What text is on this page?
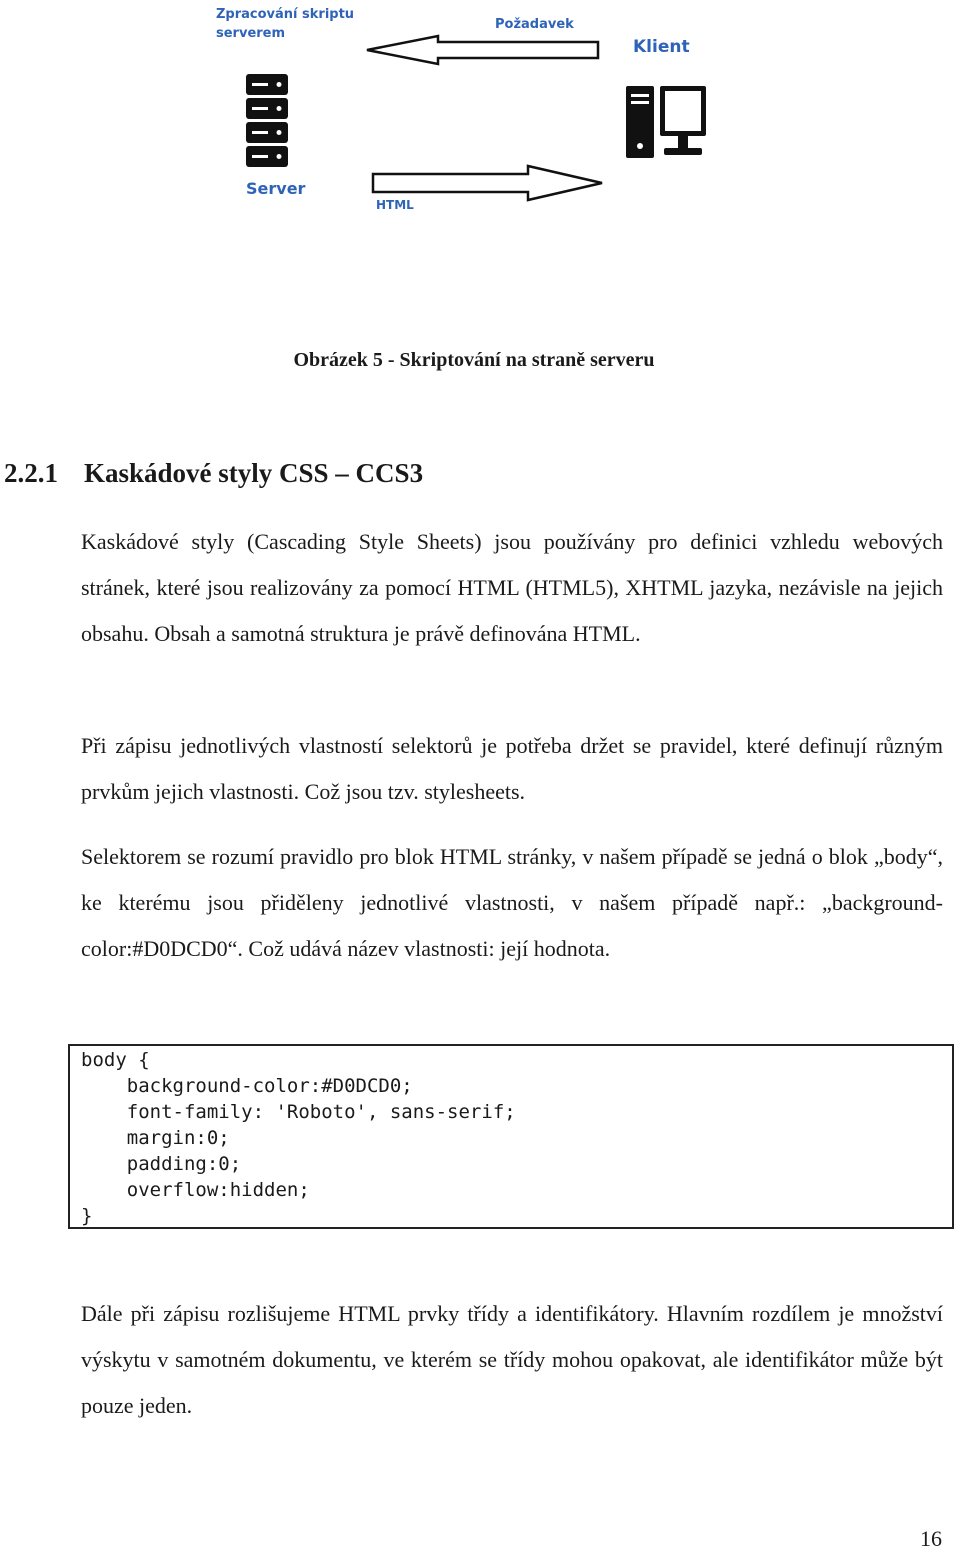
Zpracování skriptu
serverem
Požadavek
Klient
Server
HTML
Obrázek 5 - Skriptování na straně serveru
2.2.1 Kaskádové styly CSS – CCS3
Kaskádové styly (Cascading Style Sheets) jsou používány pro definici vzhledu webových stránek, které jsou realizovány za pomocí HTML (HTML5), XHTML jazyka, nezávisle na jejich obsahu. Obsah a samotná struktura je právě definována HTML.
Při zápisu jednotlivých vlastností selektorů je potřeba držet se pravidel, které definují různým prvkům jejich vlastnosti. Což jsou tzv. stylesheets.
Selektorem se rozumí pravidlo pro blok HTML stránky, v našem případě se jedná o blok „body“, ke kterému jsou přiděleny jednotlivé vlastnosti, v našem případě např.: „background-color:#D0DCD0“. Což udává název vlastnosti: její hodnota.
body {
	background-color:#D0DCD0;
	font-family: 'Roboto', sans-serif;
	margin:0;
	padding:0;
	overflow:hidden;
}
Dále při zápisu rozlišujeme HTML prvky třídy a identifikátory. Hlavním rozdílem je množství výskytu v samotném dokumentu, ve kterém se třídy mohou opakovat, ale identifikátor může být pouze jeden.
16
